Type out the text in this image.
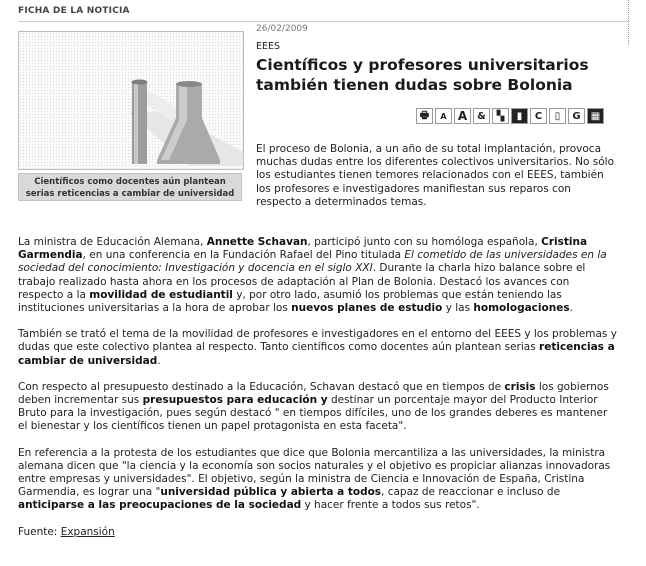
FICHA DE LA NOTICIA
Científicos como docentes aún plantean serias reticencias a cambiar de universidad
26/02/2009
EEES
Científicos y profesores universitarios también tienen dudas sobre Bolonia
🖶	A A &	▚	▮	C	▯	G	▦

El proceso de Bolonia, a un año de su total implantación, provoca muchas dudas entre los diferentes colectivos universitarios. No sólo los estudiantes tienen temores relacionados con el EEES, también los profesores e investigadores manifiestan sus reparos con respecto a determinados temas.

La ministra de Educación Alemana, Annette Schavan, participó junto con su homóloga española, Cristina Garmendia, en una conferencia en la Fundación Rafael del Pino titulada El cometido de las universidades en la sociedad del conocimiento: Investigación y docencia en el siglo XXI. Durante la charla hizo balance sobre el trabajo realizado hasta ahora en los procesos de adaptación al Plan de Bolonia. Destacó los avances con respecto a la movilidad de estudiantil y, por otro lado, asumió los problemas que están teniendo las instituciones universitarias a la hora de aprobar los nuevos planes de estudio y las homologaciones.

También se trató el tema de la movilidad de profesores e investigadores en el entorno del EEES y los problemas y dudas que este colectivo plantea al respecto. Tanto científicos como docentes aún plantean serias reticencias a cambiar de universidad.

Con respecto al presupuesto destinado a la Educación, Schavan destacó que en tiempos de crisis los gobiernos deben incrementar sus presupuestos para educación y destinar un porcentaje mayor del Producto Interior Bruto para la investigación, pues según destacó " en tiempos difíciles, uno de los grandes deberes es mantener el bienestar y los científicos tienen un papel protagonista en esta faceta".

En referencia a la protesta de los estudiantes que dice que Bolonia mercantiliza a las universidades, la ministra alemana dicen que "la ciencia y la economía son socios naturales y el objetivo es propiciar alianzas innovadoras entre empresas y universidades". El objetivo, según la ministra de Ciencia e Innovación de España, Cristina Garmendia, es lograr una "universidad pública y abierta a todos, capaz de reaccionar e incluso de anticiparse a las preocupaciones de la sociedad y hacer frente a todos sus retos".

Fuente: Expansión
